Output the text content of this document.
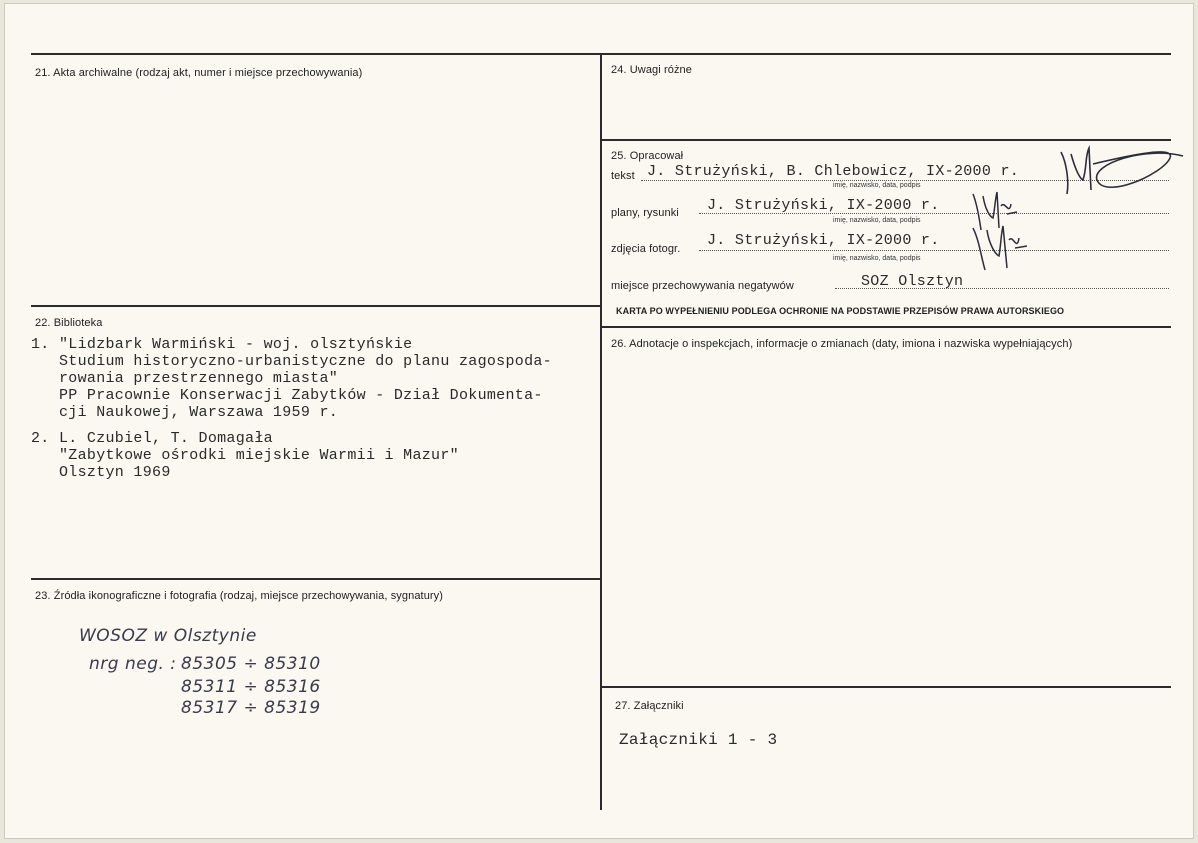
21. Akta archiwalne (rodzaj akt, numer i miejsce przechowywania)
22. Biblioteka
1. "Lidzbark Warmiński - woj. olsztyńskie
Studium historyczno-urbanistyczne do planu zagospoda-
rowania przestrzennego miasta"
PP Pracownie Konserwacji Zabytków - Dział Dokumenta-
cji Naukowej, Warszawa 1959 r.
2. L. Czubiel, T. Domagała
"Zabytkowe ośrodki miejskie Warmii i Mazur"
Olsztyn 1969
23. Źródła ikonograficzne i fotografia (rodzaj, miejsce przechowywania, sygnatury)
WOSOZ w Olsztynie
nrg neg. : 85305 ÷ 85310
85311 ÷ 85316
85317 ÷ 85319
24. Uwagi różne
25. Opracował
tekst J. Strużyński, B. Chlebowicz, IX-2000 r.
imię, nazwisko, data, podpis
plany, rysunki J. Strużyński, IX-2000 r.
imię, nazwisko, data, podpis
zdjęcia fotogr. J. Strużyński, IX-2000 r.
imię, nazwisko, data, podpis
miejsce przechowywania negatywów	SOZ Olsztyn
KARTA PO WYPEŁNIENIU PODLEGA OCHRONIE NA PODSTAWIE PRZEPISÓW PRAWA AUTORSKIEGO
26. Adnotacje o inspekcjach, informacje o zmianach (daty, imiona i nazwiska wypełniających)
27. Załączniki
Załączniki 1 - 3
